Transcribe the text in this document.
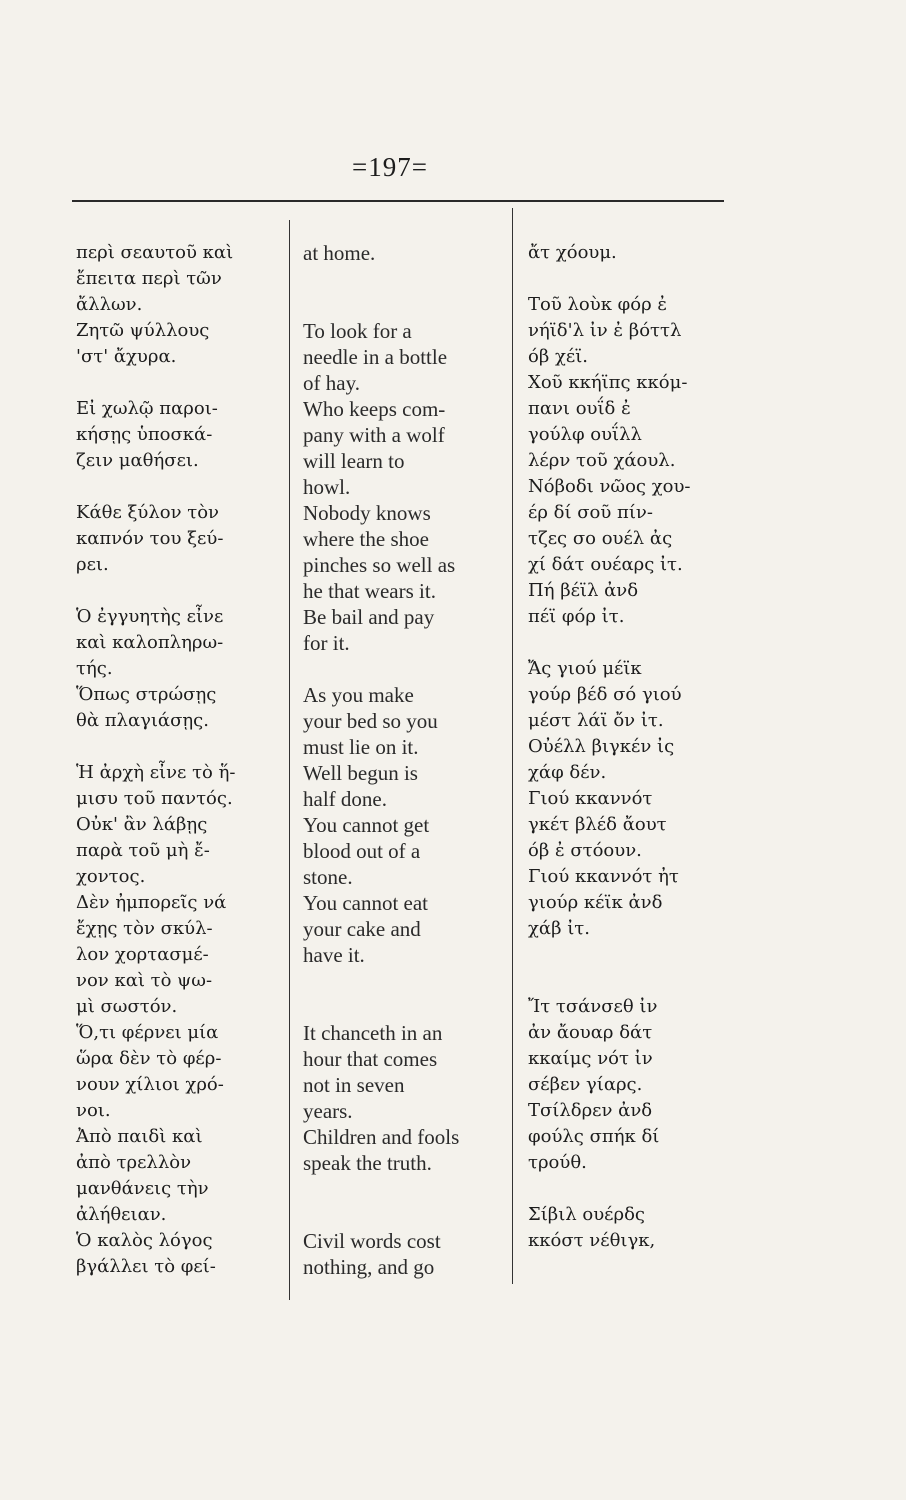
=197=
περὶ σεαυτοῦ καὶ
ἔπειτα περὶ τῶν
ἄλλων.
Ζητῶ ψύλλους
'στ' ἄχυρα.
Εἰ χωλῷ παροι-
κήσῃς ὑποσκά-
ζειν μαθήσει.
Κάθε ξύλον τὸν
καπνόν του ξεύ-
ρει.
Ὁ ἐγγυητὴς εἶνε
καὶ καλοπληρω-
τής.
Ὅπως στρώσῃς
θὰ πλαγιάσῃς.
Ἡ ἀρχὴ εἶνε τὸ ἥ-
μισυ τοῦ παντός.
Οὐκ' ἂν λάβῃς
παρὰ τοῦ μὴ ἔ-
χοντος.
Δὲν ἠμπορεῖς νά
ἔχῃς τὸν σκύλ-
λον χορτασμέ-
νον καὶ τὸ ψω-
μὶ σωστόν.
Ὅ,τι φέρνει μία
ὥρα δὲν τὸ φέρ-
νουν χίλιοι χρό-
νοι.
Ἀπὸ παιδὶ καὶ
ἀπὸ τρελλὸν
μανθάνεις τὴν
ἀλήθειαν.
Ὁ καλὸς λόγος
βγάλλει τὸ φεί-
at home.
To look for a
needle in a bottle
of hay.
Who keeps com-
pany with a wolf
will learn to
howl.
Nobody knows
where the shoe
pinches so well as
he that wears it.
Be bail and pay
for it.
As you make
your bed so you
must lie on it.
Well begun is
half done.
You cannot get
blood out of a
stone.
You cannot eat
your cake and
have it.
It chanceth in an
hour that comes
not in seven
years.
Children and fools
speak the truth.
Civil words cost
nothing, and go
ἄτ χόουμ.
Τοῦ λοὺκ φόρ ἐ
νήϊδ'λ ἰν ἐ βόττλ
όβ χέϊ.
Χοῦ κκήϊπς κκόμ-
πανι ουΐδ ἐ
γούλφ ουΐλλ
λέρν τοῦ χάουλ.
Νόβοδι νῶος χου-
έρ δί σοῦ πίν-
τζες σο ουέλ ἀς
χί δάτ ουέαρς ἰτ.
Πή βέϊλ ἀνδ
πέϊ φόρ ἰτ.
Ἄς γιού μέϊκ
γούρ βέδ σό γιού
μέστ λάϊ ὄν ἰτ.
Οὐέλλ βιγκέν ἰς
χάφ δέν.
Γιού κκαννότ
γκέτ βλέδ ἄουτ
όβ ἐ στόουν.
Γιού κκαννότ ἠτ
γιούρ κέϊκ ἀνδ
χάβ ἰτ.
Ἴτ τσάνσεθ ἰν
ἀν ἄουαρ δάτ
κκαίμς νότ ἰν
σέβεν γίαρς.
Τσίλδρεν ἀνδ
φούλς σπήκ δί
τρούθ.
Σίβιλ ουέρδς
κκόστ νέθιγκ,
